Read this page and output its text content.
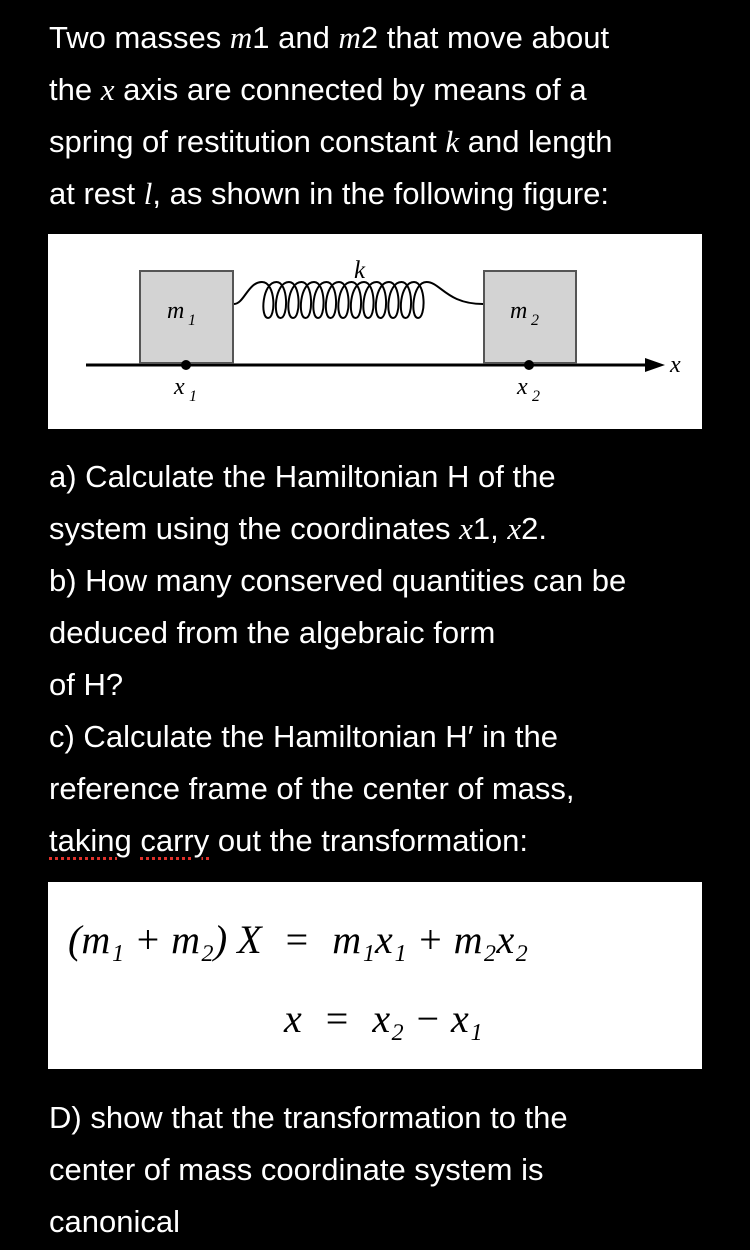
Two masses m1 and m2 that move about
the x axis are connected by means of a
spring of restitution constant k and length
at rest l, as shown in the following figure:
x
m 1	m 2
k
x 1	x 2
a) Calculate the Hamiltonian H of the
system using the coordinates x1, x2.
b) How many conserved quantities can be
deduced from the algebraic form
of H?
c) Calculate the Hamiltonian H′ in the
reference frame of the center of mass,
taking carry out the transformation:
(m₁ + m₂) X = m₁x₁ + m₂x₂
x = x₂ − x₁
D) show that the transformation to the
center of mass coordinate system is
canonical
